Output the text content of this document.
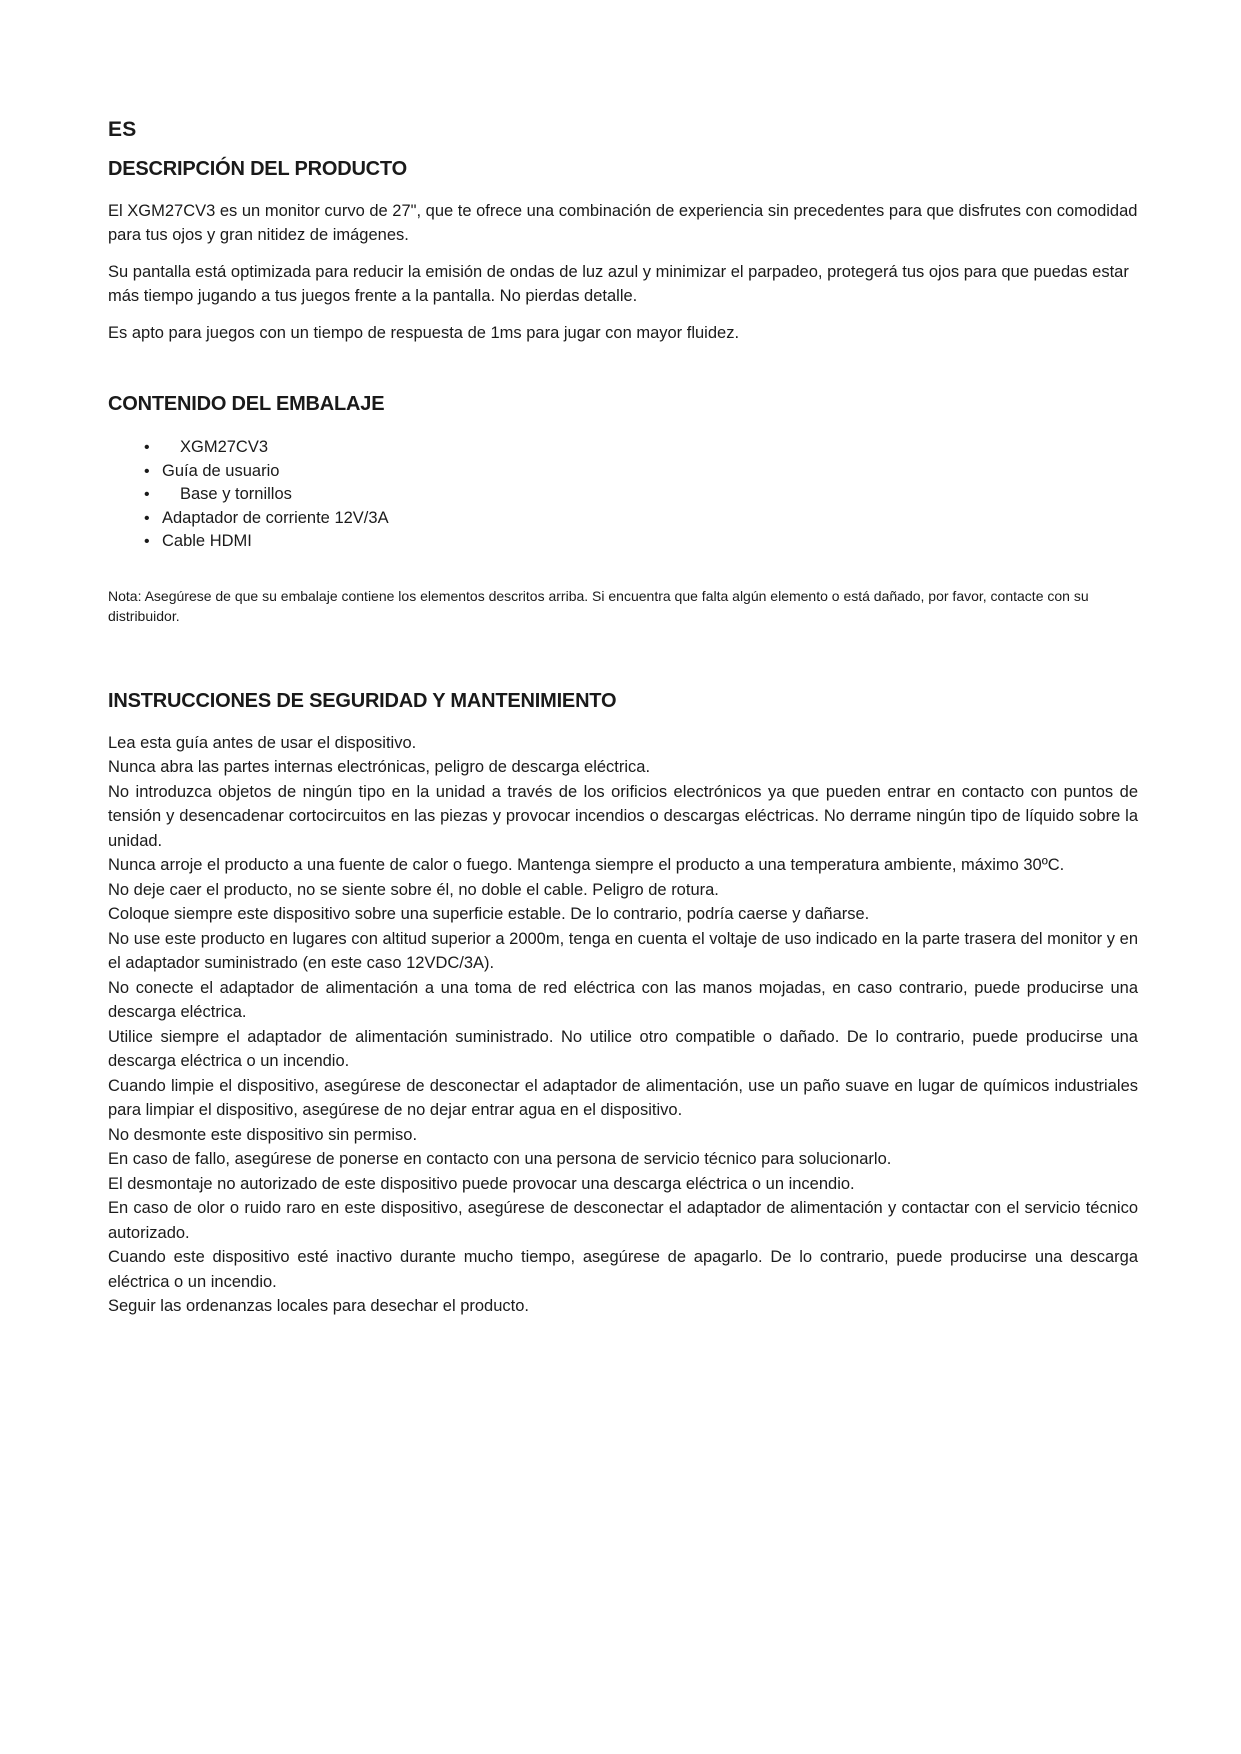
ES
DESCRIPCIÓN DEL PRODUCTO

El XGM27CV3 es un monitor curvo de 27", que te ofrece una combinación de experiencia sin precedentes para que disfrutes con comodidad para tus ojos y gran nitidez de imágenes.

Su pantalla está optimizada para reducir la emisión de ondas de luz azul y minimizar el parpadeo, protegerá tus ojos para que puedas estar más tiempo jugando a tus juegos frente a la pantalla. No pierdas detalle.

Es apto para juegos con un tiempo de respuesta de 1ms para jugar con mayor fluidez.

CONTENIDO DEL EMBALAJE
• XGM27CV3
• Guía de usuario
• Base y tornillos
• Adaptador de corriente 12V/3A
• Cable HDMI

Nota: Asegúrese de que su embalaje contiene los elementos descritos arriba. Si encuentra que falta algún elemento o está dañado, por favor, contacte con su distribuidor.

INSTRUCCIONES DE SEGURIDAD Y MANTENIMIENTO

Lea esta guía antes de usar el dispositivo.

Nunca abra las partes internas electrónicas, peligro de descarga eléctrica.

No introduzca objetos de ningún tipo en la unidad a través de los orificios electrónicos ya que pueden entrar en contacto con puntos de tensión y desencadenar cortocircuitos en las piezas y provocar incendios o descargas eléctricas. No derrame ningún tipo de líquido sobre la unidad.

Nunca arroje el producto a una fuente de calor o fuego. Mantenga siempre el producto a una temperatura ambiente, máximo 30ºC.

No deje caer el producto, no se siente sobre él, no doble el cable. Peligro de rotura.

Coloque siempre este dispositivo sobre una superficie estable. De lo contrario, podría caerse y dañarse.

No use este producto en lugares con altitud superior a 2000m, tenga en cuenta el voltaje de uso indicado en la parte trasera del monitor y en el adaptador suministrado (en este caso 12VDC/3A).

No conecte el adaptador de alimentación a una toma de red eléctrica con las manos mojadas, en caso contrario, puede producirse una descarga eléctrica.

Utilice siempre el adaptador de alimentación suministrado. No utilice otro compatible o dañado. De lo contrario, puede producirse una descarga eléctrica o un incendio.

Cuando limpie el dispositivo, asegúrese de desconectar el adaptador de alimentación, use un paño suave en lugar de químicos industriales para limpiar el dispositivo, asegúrese de no dejar entrar agua en el dispositivo.

No desmonte este dispositivo sin permiso.

En caso de fallo, asegúrese de ponerse en contacto con una persona de servicio técnico para solucionarlo.

El desmontaje no autorizado de este dispositivo puede provocar una descarga eléctrica o un incendio.

En caso de olor o ruido raro en este dispositivo, asegúrese de desconectar el adaptador de alimentación y contactar con el servicio técnico autorizado.

Cuando este dispositivo esté inactivo durante mucho tiempo, asegúrese de apagarlo. De lo contrario, puede producirse una descarga eléctrica o un incendio.

Seguir las ordenanzas locales para desechar el producto.
